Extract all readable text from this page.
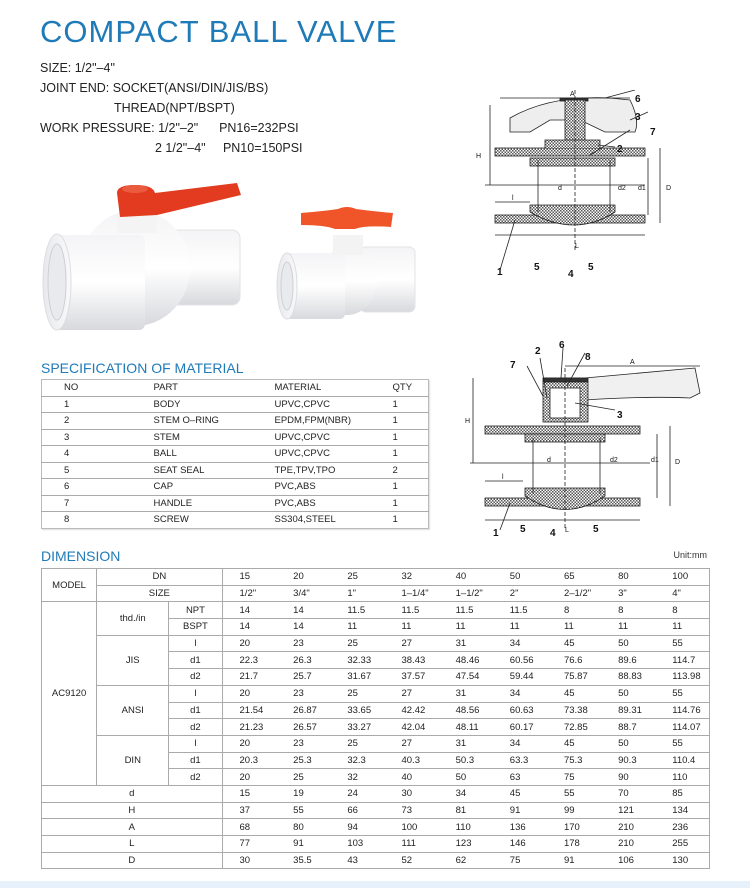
COMPACT BALL VALVE
SIZE: 1/2"–4"
JOINT END: SOCKET(ANSI/DIN/JIS/BS)
THREAD(NPT/BSPT)
WORK PRESSURE: 1/2"–2"      PN16=232PSI
2 1/2"–4"     PN10=150PSI
6
3
7
2
1	5
4
5
A
H
d	d2 d1	D
l
L
7
2
6
8
3
1 5 4	5
A
H
d	d2	d1 D
l
L
SPECIFICATION OF MATERIAL
NO	PART	MATERIAL	QTY
1	BODY	UPVC,CPVC	1
2	STEM O–RING	EPDM,FPM(NBR)	1
3	STEM	UPVC,CPVC	1
4	BALL	UPVC,CPVC	1
5	SEAT SEAL	TPE,TPV,TPO	2
6	CAP	PVC,ABS	1
7	HANDLE	PVC,ABS	1
8	SCREW	SS304,STEEL	1
DIMENSION	Unit:mm
MODEL	DN		15	20	25	32	40	50	65	80	100
	SIZE		1/2"	3/4"	1"	1–1/4"	1–1/2"	2"	2–1/2"	3"	4"
AC9120	thd./in	NPT	14	14	11.5	11.5	11.5	11.5	8	8	8
		BSPT	14	14	11	11	11	11	11	11	11
	JIS	l	20	23	25	27	31	34	45	50	55
		d1	22.3	26.3	32.33	38.43	48.46	60.56	76.6	89.6	114.7
		d2	21.7	25.7	31.67	37.57	47.54	59.44	75.87	88.83	113.98
	ANSI	l	20	23	25	27	31	34	45	50	55
		d1	21.54	26.87	33.65	42.42	48.56	60.63	73.38	89.31	114.76
		d2	21.23	26.57	33.27	42.04	48.11	60.17	72.85	88.7	114.07
	DIN	l	20	23	25	27	31	34	45	50	55
		d1	20.3	25.3	32.3	40.3	50.3	63.3	75.3	90.3	110.4
		d2	20	25	32	40	50	63	75	90	110
d			15	19	24	30	34	45	55	70	85
H			37	55	66	73	81	91	99	121	134
A			68	80	94	100	110	136	170	210	236
L			77	91	103	111	123	146	178	210	255
D			30	35.5	43	52	62	75	91	106	130
